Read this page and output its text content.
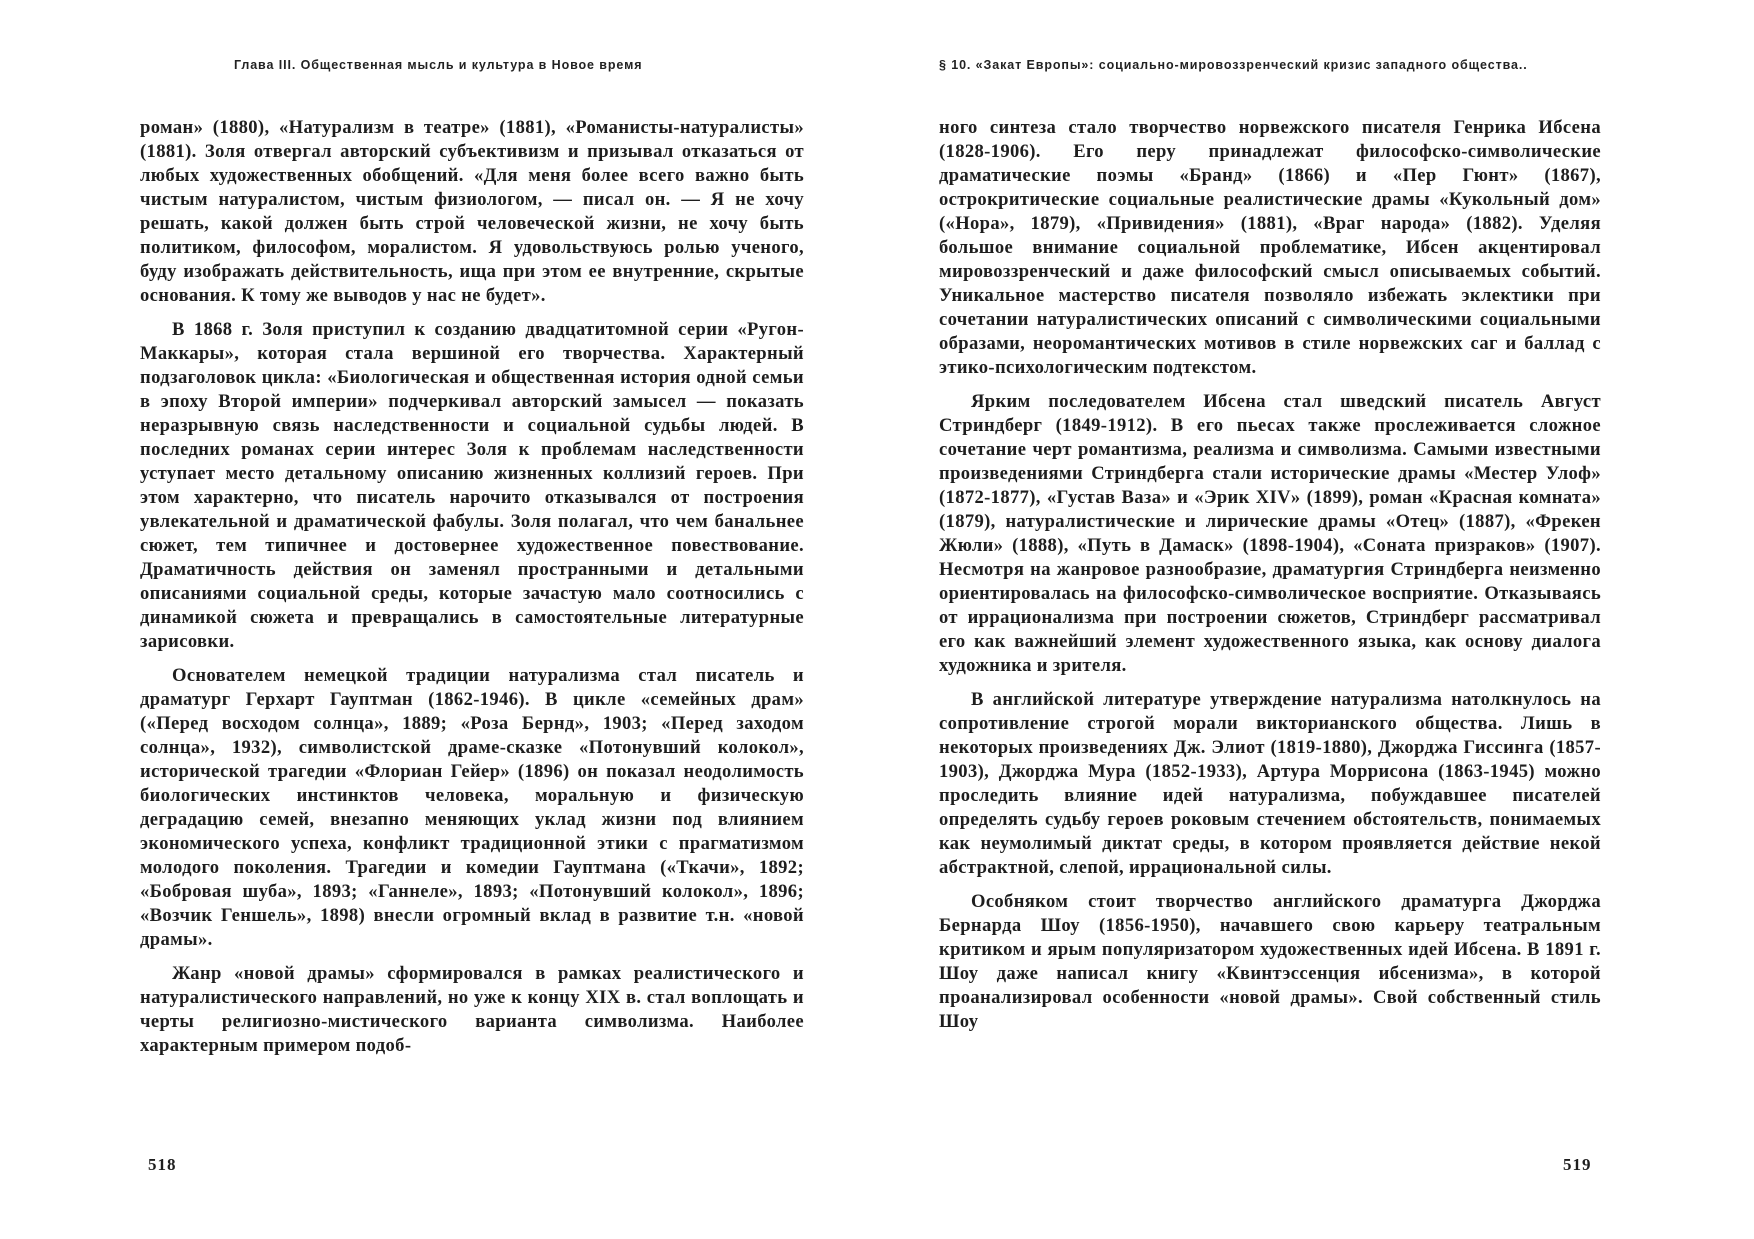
Глава III. Общественная мысль и культура в Новое время

роман» (1880), «Натурализм в театре» (1881), «Романисты-натуралисты» (1881). Золя отвергал авторский субъективизм и призывал отказаться от любых художественных обобщений. «Для меня более всего важно быть чистым натуралистом, чистым физиологом, — писал он. — Я не хочу решать, какой должен быть строй человеческой жизни, не хочу быть политиком, философом, моралистом. Я удовольствуюсь ролью ученого, буду изображать действительность, ища при этом ее внутренние, скрытые основания. К тому же выводов у нас не будет».

В 1868 г. Золя приступил к созданию двадцатитомной серии «Ругон-Маккары», которая стала вершиной его творчества. Характерный подзаголовок цикла: «Биологическая и общественная история одной семьи в эпоху Второй империи» подчеркивал авторский замысел — показать неразрывную связь наследственности и социальной судьбы людей. В последних романах серии интерес Золя к проблемам наследственности уступает место детальному описанию жизненных коллизий героев. При этом характерно, что писатель нарочито отказывался от построения увлекательной и драматической фабулы. Золя полагал, что чем банальнее сюжет, тем типичнее и достовернее художественное повествование. Драматичность действия он заменял пространными и детальными описаниями социальной среды, которые зачастую мало соотносились с динамикой сюжета и превращались в самостоятельные литературные зарисовки.

Основателем немецкой традиции натурализма стал писатель и драматург Герхарт Гауптман (1862-1946). В цикле «семейных драм» («Перед восходом солнца», 1889; «Роза Бернд», 1903; «Перед заходом солнца», 1932), символистской драме-сказке «Потонувший колокол», исторической трагедии «Флориан Гейер» (1896) он показал неодолимость биологических инстинктов человека, моральную и физическую деградацию семей, внезапно меняющих уклад жизни под влиянием экономического успеха, конфликт традиционной этики с прагматизмом молодого поколения. Трагедии и комедии Гауптмана («Ткачи», 1892; «Бобровая шуба», 1893; «Ганнеле», 1893; «Потонувший колокол», 1896; «Возчик Геншель», 1898) внесли огромный вклад в развитие т.н. «новой драмы».

Жанр «новой драмы» сформировался в рамках реалистического и натуралистического направлений, но уже к концу XIX в. стал воплощать и черты религиозно-мистического варианта символизма. Наиболее характерным примером подоб-

518
§ 10. «Закат Европы»: социально-мировоззренческий кризис западного общества..

ного синтеза стало творчество норвежского писателя Генрика Ибсена (1828-1906). Его перу принадлежат философско-символические драматические поэмы «Бранд» (1866) и «Пер Гюнт» (1867), остpокритические социальные реалистические драмы «Кукольный дом» («Нора», 1879), «Привидения» (1881), «Враг народа» (1882). Уделяя большое внимание социальной проблематике, Ибсен акцентировал мировоззренческий и даже философский смысл описываемых событий. Уникальное мастерство писателя позволяло избежать эклектики при сочетании натуралистических описаний с символическими социальными образами, неоромантических мотивов в стиле норвежских саг и баллад с этико-психологическим подтекстом.

Ярким последователем Ибсена стал шведский писатель Август Стриндберг (1849-1912). В его пьесах также прослеживается сложное сочетание черт романтизма, реализма и символизма. Самыми известными произведениями Стриндберга стали исторические драмы «Местер Улоф» (1872-1877), «Густав Ваза» и «Эрик XIV» (1899), роман «Красная комната» (1879), натуралистические и лирические драмы «Отец» (1887), «Фрекен Жюли» (1888), «Путь в Дамаск» (1898-1904), «Соната призраков» (1907). Несмотря на жанровое разнообразие, драматургия Стриндберга неизменно ориентировалась на философско-символическое восприятие. Отказываясь от иррационализма при построении сюжетов, Стриндберг рассматривал его как важнейший элемент художественного языка, как основу диалога художника и зрителя.

В английской литературе утверждение натурализма натолкнулось на сопротивление строгой морали викторианского общества. Лишь в некоторых произведениях Дж. Элиот (1819-1880), Джорджа Гиссинга (1857-1903), Джорджа Мура (1852-1933), Артура Моррисона (1863-1945) можно проследить влияние идей натурализма, побуждавшее писателей определять судьбу героев роковым стечением обстоятельств, понимаемых как неумолимый диктат среды, в котором проявляется действие некой абстрактной, слепой, иррациональной силы.

Особняком стоит творчество английского драматурга Джорджа Бернарда Шоу (1856-1950), начавшего свою карьеру театральным критиком и ярым популяризатором художественных идей Ибсена. В 1891 г. Шоу даже написал книгу «Квинтэссенция ибсенизма», в которой проанализировал особенности «новой драмы». Свой собственный стиль Шоу

519
